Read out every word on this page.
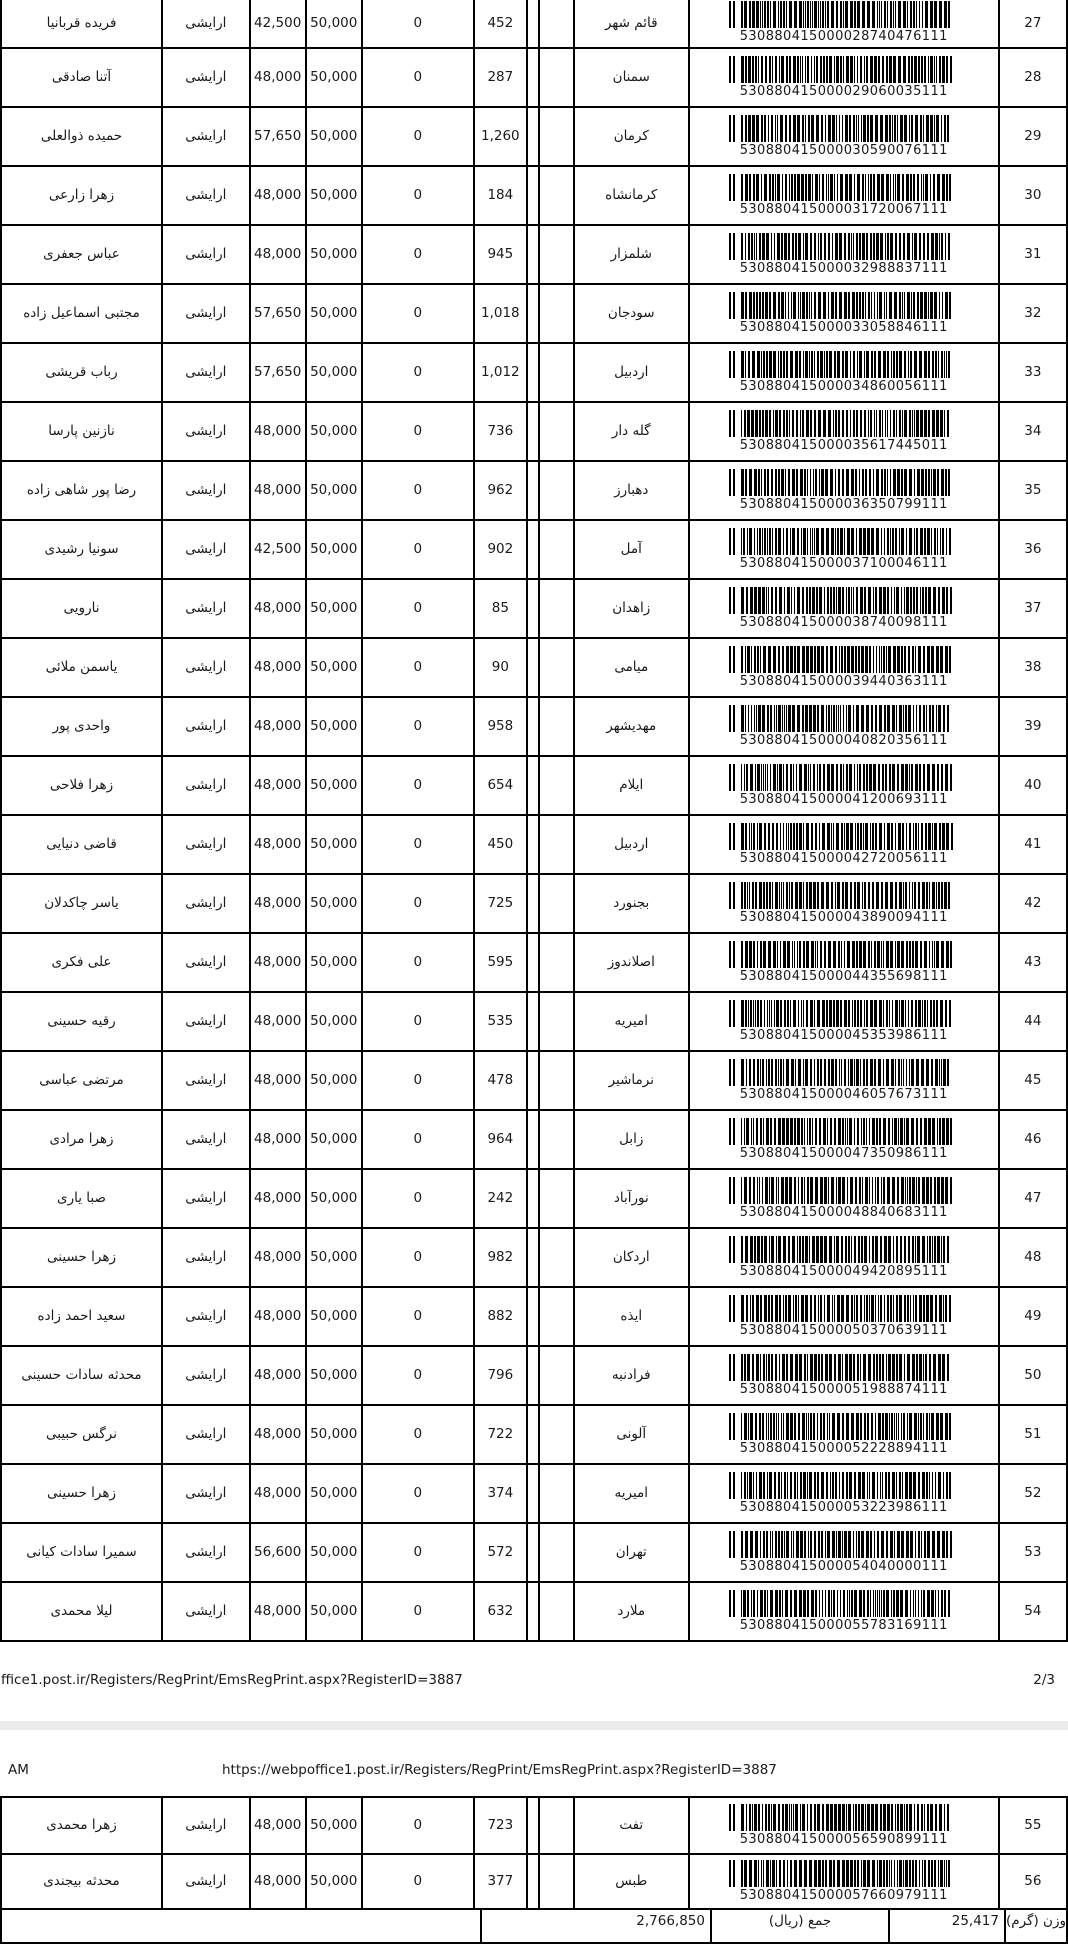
فریده قربانیا	ارایشی	42,500	50,000	0	452			قائم شهر	530880415000028740476111	27
آتنا صادقی	ارایشی	48,000	50,000	0	287			سمنان	530880415000029060035111	28
حمیده ذوالعلی	ارایشی	57,650	50,000	0	1,260			کرمان	530880415000030590076111	29
زهرا زارعی	ارایشی	48,000	50,000	0	184			کرمانشاه	530880415000031720067111	30
عباس جعفری	ارایشی	48,000	50,000	0	945			شلمزار	530880415000032988837111	31
مجتبی اسماعیل زاده	ارایشی	57,650	50,000	0	1,018			سودجان	530880415000033058846111	32
رباب قریشی	ارایشی	57,650	50,000	0	1,012			اردبیل	530880415000034860056111	33
نازنین پارسا	ارایشی	48,000	50,000	0	736			گله دار	530880415000035617445011	34
رضا پور شاهی زاده	ارایشی	48,000	50,000	0	962			دهبارز	530880415000036350799111	35
سونیا رشیدی	ارایشی	42,500	50,000	0	902			آمل	530880415000037100046111	36
نارویی	ارایشی	48,000	50,000	0	85			زاهدان	530880415000038740098111	37
یاسمن ملائی	ارایشی	48,000	50,000	0	90			میامی	530880415000039440363111	38
واحدی پور	ارایشی	48,000	50,000	0	958			مهدیشهر	530880415000040820356111	39
زهرا فلاحی	ارایشی	48,000	50,000	0	654			ایلام	530880415000041200693111	40
قاضی دنیایی	ارایشی	48,000	50,000	0	450			اردبیل	530880415000042720056111	41
یاسر چاکدلان	ارایشی	48,000	50,000	0	725			بجنورد	530880415000043890094111	42
علی فکری	ارایشی	48,000	50,000	0	595			اصلاندوز	530880415000044355698111	43
رقیه حسینی	ارایشی	48,000	50,000	0	535			امیریه	530880415000045353986111	44
مرتضی عباسی	ارایشی	48,000	50,000	0	478			نرماشیر	530880415000046057673111	45
زهرا مرادی	ارایشی	48,000	50,000	0	964			زابل	530880415000047350986111	46
صبا یاری	ارایشی	48,000	50,000	0	242			نورآباد	530880415000048840683111	47
زهرا حسینی	ارایشی	48,000	50,000	0	982			اردکان	530880415000049420895111	48
سعید احمد زاده	ارایشی	48,000	50,000	0	882			ایذه	530880415000050370639111	49
محدثه سادات حسینی	ارایشی	48,000	50,000	0	796			فرادنبه	530880415000051988874111	50
نرگس حبیبی	ارایشی	48,000	50,000	0	722			آلونی	530880415000052228894111	51
زهرا حسینی	ارایشی	48,000	50,000	0	374			امیریه	530880415000053223986111	52
سمیرا سادات کیانی	ارایشی	56,600	50,000	0	572			تهران	530880415000054040000111	53
لیلا محمدی	ارایشی	48,000	50,000	0	632			ملارد	530880415000055783169111	54
ffice1.post.ir/Registers/RegPrint/EmsRegPrint.aspx?RegisterID=3887	2/3
AM	https://webpoffice1.post.ir/Registers/RegPrint/EmsRegPrint.aspx?RegisterID=3887
زهرا محمدی	ارایشی	48,000	50,000	0	723			تفت	530880415000056590899111	55
محدثه بیجندی	ارایشی	48,000	50,000	0	377			طبس	530880415000057660979111	56
2,766,850	جمع (ریال)	25,417 وزن (گرم)
